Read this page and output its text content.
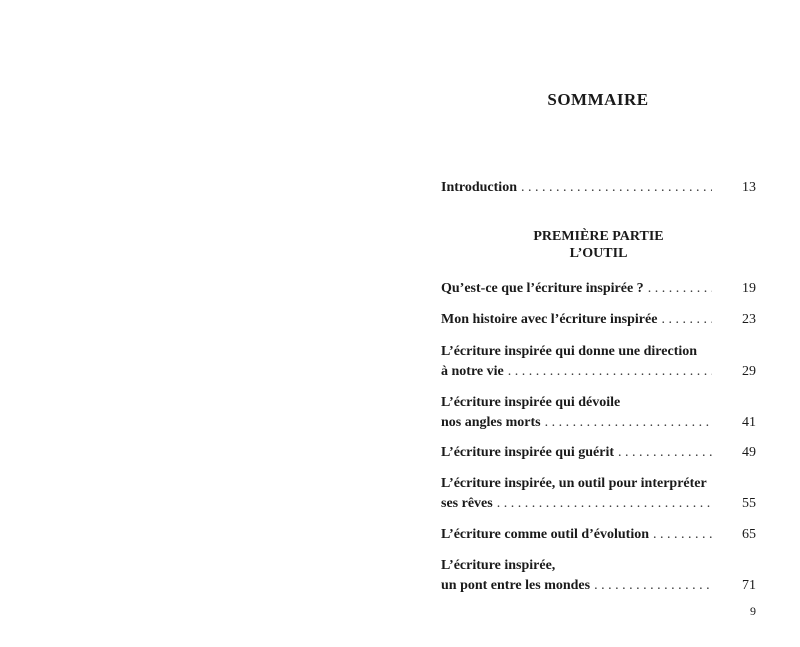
SOMMAIRE
Introduction . . .	13
PREMIÈRE PARTIE
L’OUTIL
Qu’est-ce que l’écriture inspirée ? . . .	19
Mon histoire avec l’écriture inspirée . . .	23
L’écriture inspirée qui donne une direction
à notre vie . . .	29
L’écriture inspirée qui dévoile
nos angles morts . . .	41
L’écriture inspirée qui guérit . . .	49
L’écriture inspirée, un outil pour interpréter
ses rêves . . .	55
L’écriture comme outil d’évolution . . .	65
L’écriture inspirée,
un pont entre les mondes . . .	71
9
